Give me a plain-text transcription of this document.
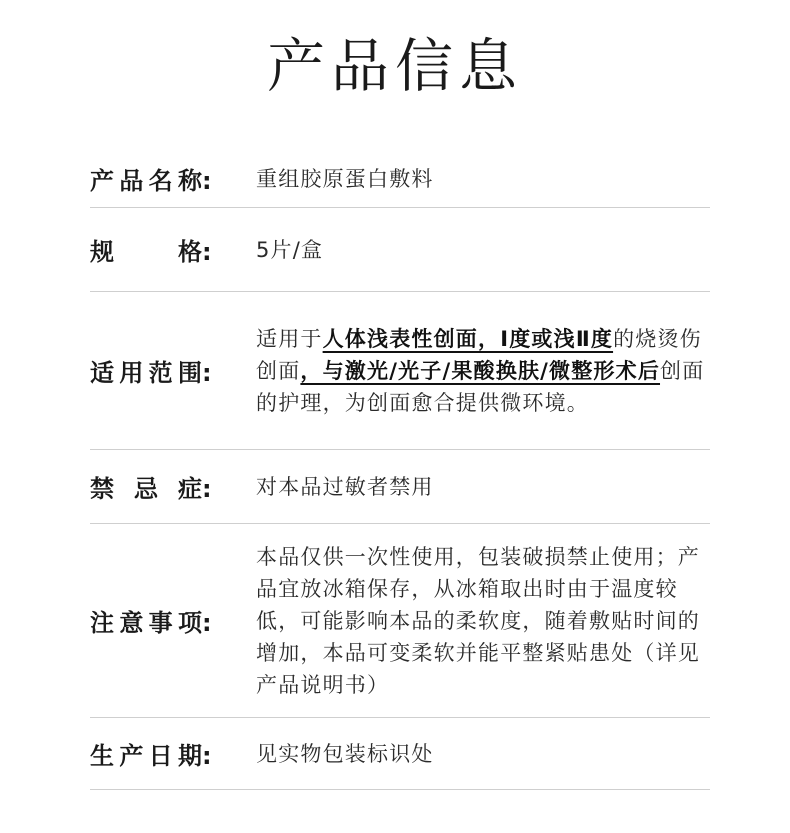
产品信息
产品名称:	重组胶原蛋白敷料
规格:	5片/盒
适用范围:
适用于人体浅表性创面，Ⅰ度或浅Ⅱ度的烧烫伤创面，与激光/光子/果酸换肤/微整形术后创面的护理，为创面愈合提供微环境。
禁忌症:	对本品过敏者禁用
注意事项:
本品仅供一次性使用，包装破损禁止使用；产品宜放冰箱保存，从冰箱取出时由于温度较低，可能影响本品的柔软度，随着敷贴时间的增加，本品可变柔软并能平整紧贴患处（详见产品说明书）
生产日期:	见实物包装标识处
